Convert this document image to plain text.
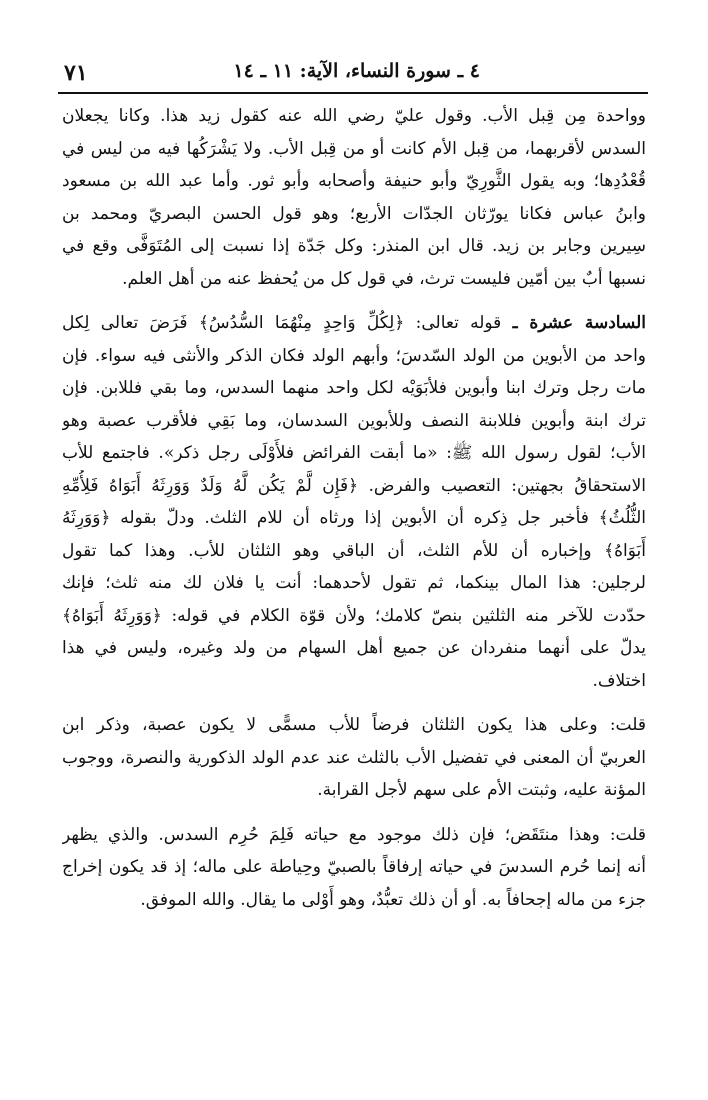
٧١	٤ ـ سورة النساء، الآية: ١١ ـ ١٤
وواحدة مِن قِبل الأب. وقول عليّ رضي الله عنه كقول زيد هذا. وكانا يجعلان
السدس لأقربهما، من قِبل الأم كانت أو من قِبل الأب. ولا يَشْرَكُها فيه من ليس في
قُعْدُدِها؛ وبه يقول الثَّورِيّ وأبو حنيفة وأصحابه وأبو ثور. وأما عبد الله بن مسعود
وابنُ عباس فكانا يورّثان الجدّات الأربع؛ وهو قول الحسن البصريّ ومحمد بن
سِيرين وجابر بن زيد. قال ابن المنذر: وكل جَدّة إذا نسبت إلى المُتَوَفَّى وقع في
نسبها أبٌ بين أمّين فليست ترث، في قول كل من يُحفظ عنه من أهل العلم.
السادسة عشرة ـ قوله تعالى: ﴿لِكُلِّ وَاحِدٍ مِنْهُمَا السُّدُسُ﴾ فَرَضَ تعالى لِكل
واحد من الأبوين من الولد السّدسَ؛ وأبهم الولد فكان الذكر والأنثى فيه سواء. فإن
مات رجل وترك ابنا وأبوين فلأبَوَيْه لكل واحد منهما السدس، وما بقي فللابن. فإن
ترك ابنة وأبوين فللابنة النصف وللأبوين السدسان، وما بَقِي فلأقرب عصبة وهو
الأب؛ لقول رسول الله ﷺ: «ما أبقت الفرائض فلأَوْلَى رجل ذكر». فاجتمع للأب
الاستحقاقُ بجهتين: التعصيب والفرض. ﴿فَإِن لَّمْ يَكُن لَّهُ وَلَدٌ وَوَرِثَهُ أَبَوَاهُ فَلِأُمِّهِ
الثُّلُثُ﴾ فأخبر جل ذِكره أن الأبوين إذا ورثاه أن للام الثلث. ودلّ بقوله ﴿وَوَرِثَهُ
أَبَوَاهُ﴾ وإخباره أن للأم الثلث، أن الباقي وهو الثلثان للأب. وهذا كما تقول
لرجلين: هذا المال بينكما، ثم تقول لأحدهما: أنت يا فلان لك منه ثلث؛ فإنك
حدّدت للآخر منه الثلثين بنصّ كلامك؛ ولأن قوّة الكلام في قوله: ﴿وَوَرِثَهُ أَبَوَاهُ﴾
يدلّ على أنهما منفردان عن جميع أهل السهام من ولد وغيره، وليس في هذا
اختلاف.
قلت: وعلى هذا يكون الثلثان فرضاً للأب مسمًّى لا يكون عصبة، وذكر ابن
العربيّ أن المعنى في تفضيل الأب بالثلث عند عدم الولد الذكورية والنصرة، ووجوب
المؤنة عليه، وثبتت الأم على سهم لأجل القرابة.
قلت: وهذا منتَقَض؛ فإن ذلك موجود مع حياته فَلِمَ حُرِم السدس. والذي يظهر
أنه إنما حُرم السدسَ في حياته إرفاقاً بالصبيّ وحِياطة على ماله؛ إذ قد يكون إخراج
جزء من ماله إجحافاً به. أو أن ذلك تعبُّدٌ، وهو أَوْلى ما يقال. والله الموفق.
